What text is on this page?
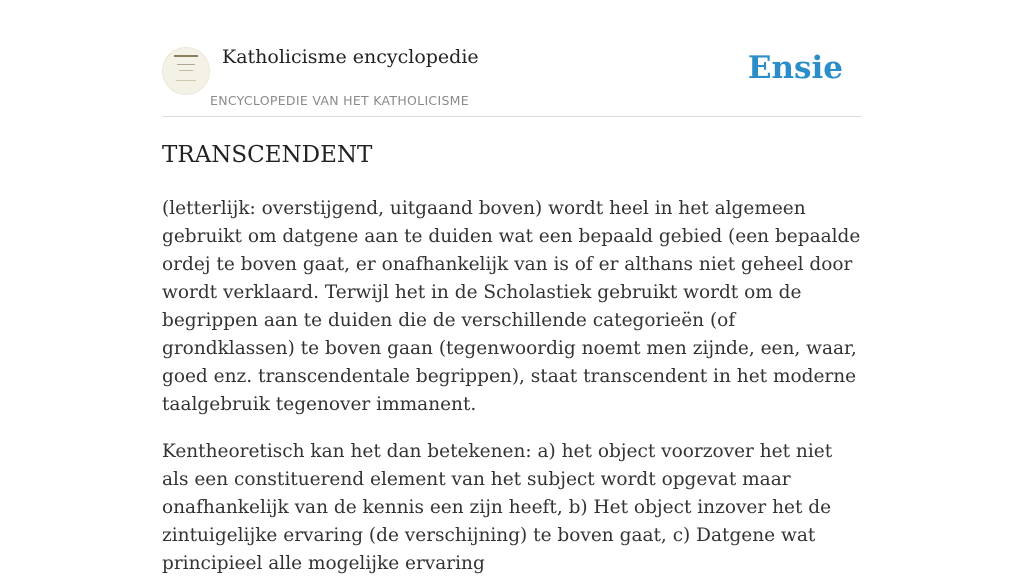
Katholicisme encyclopedie
ENCYCLOPEDIE VAN HET KATHOLICISME
Ensie
TRANSCENDENT

(letterlijk: overstijgend, uitgaand boven) wordt heel in het algemeen gebruikt om datgene aan te duiden wat een bepaald gebied (een bepaalde ordej te boven gaat, er onafhankelijk van is of er althans niet geheel door wordt verklaard. Terwijl het in de Scholastiek gebruikt wordt om de begrippen aan te duiden die de verschillende categorieën (of grondklassen) te boven gaan (tegenwoordig noemt men zijnde, een, waar, goed enz. transcendentale begrippen), staat transcendent in het moderne taalgebruik tegenover immanent.

Kentheoretisch kan het dan betekenen: a) het object voorzover het niet als een constituerend element van het subject wordt opgevat maar onafhankelijk van de kennis een zijn heeft, b) Het object inzover het de zintuigelijke ervaring (de verschijning) te boven gaat, c) Datgene wat principieel alle mogelijke ervaring
